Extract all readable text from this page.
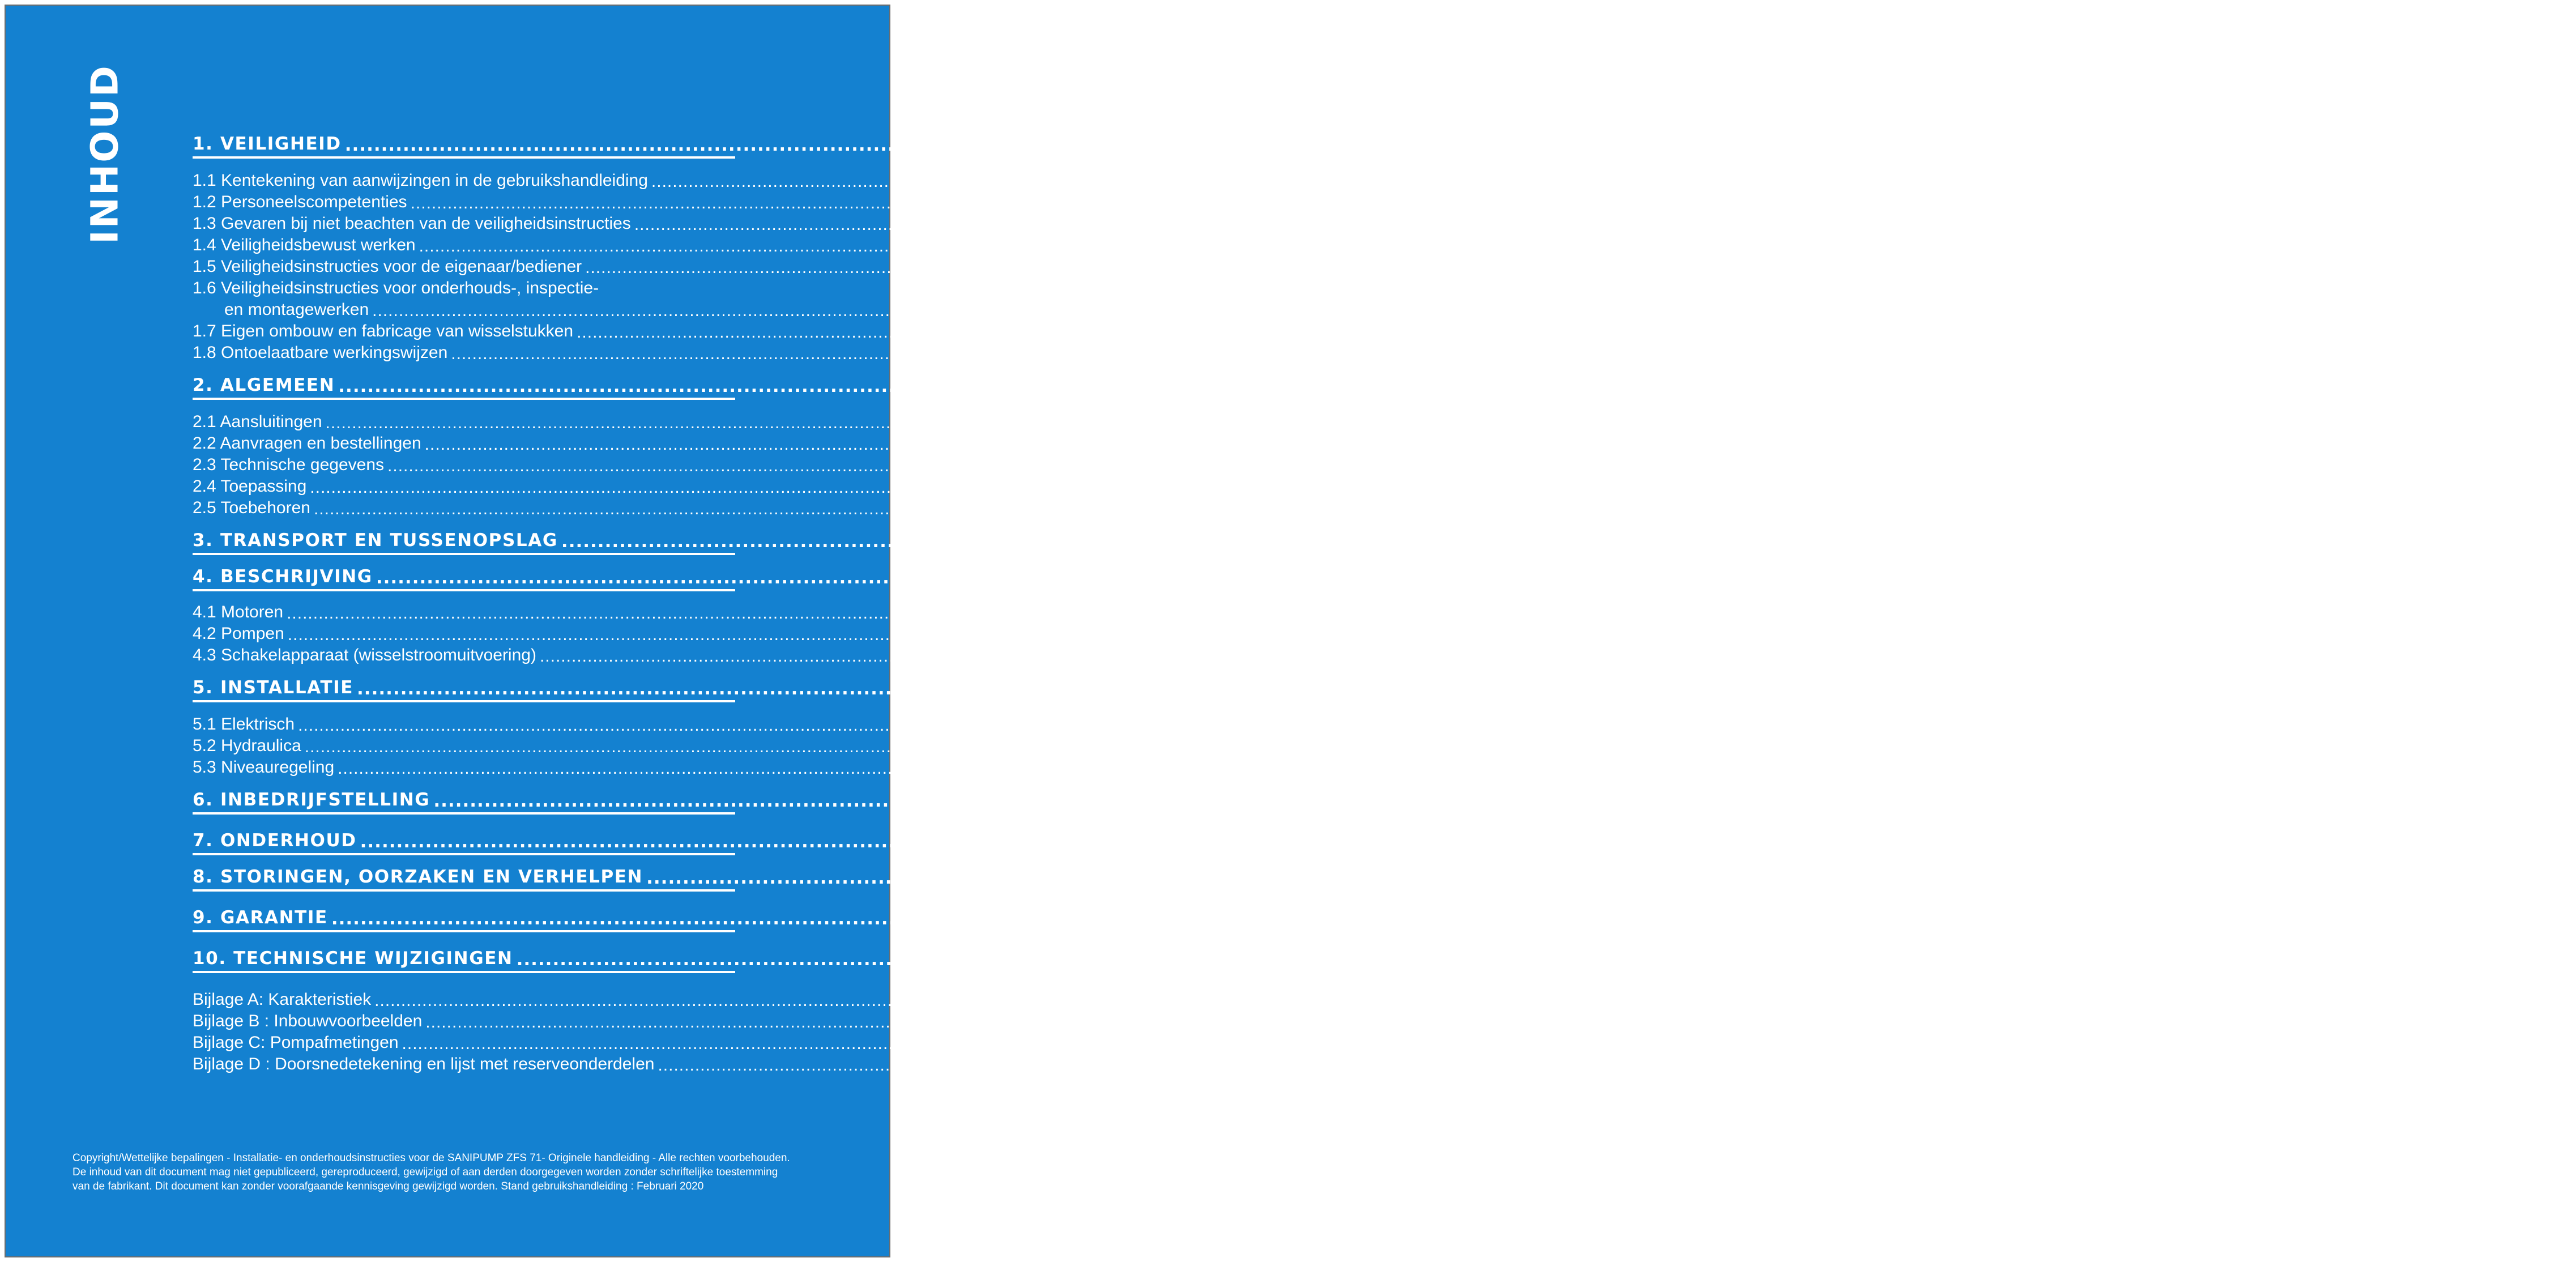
INHOUD	1. VEILIGHEID .................................................................................................................................................................................................................................................................... p 63
1.1 Kentekening van aanwijzingen in de gebruikshandleiding .................................................................................................................................................................................................................................................................... p 63
1.2 Personeelscompetenties .................................................................................................................................................................................................................................................................... p 64
1.3 Gevaren bij niet beachten van de veiligheidsinstructies .................................................................................................................................................................................................................................................................... p 64
1.4 Veiligheidsbewust werken .................................................................................................................................................................................................................................................................... p 64
1.5 Veiligheidsinstructies voor de eigenaar/bediener .................................................................................................................................................................................................................................................................... p 64
1.6 Veiligheidsinstructies voor onderhouds-, inspectie-
en montagewerken .................................................................................................................................................................................................................................................................... p 64
1.7 Eigen ombouw en fabricage van wisselstukken .................................................................................................................................................................................................................................................................... p 65
1.8 Ontoelaatbare werkingswijzen .................................................................................................................................................................................................................................................................... p 65
2. ALGEMEEN .................................................................................................................................................................................................................................................................... p 65
2.1 Aansluitingen .................................................................................................................................................................................................................................................................... p 65
2.2 Aanvragen en bestellingen .................................................................................................................................................................................................................................................................... p 66
2.3 Technische gegevens .................................................................................................................................................................................................................................................................... p 66
2.4 Toepassing .................................................................................................................................................................................................................................................................... p 66
2.5 Toebehoren .................................................................................................................................................................................................................................................................... p 67
3. TRANSPORT EN TUSSENOPSLAG .................................................................................................................................................................................................................................................................... p 67
4. BESCHRIJVING .................................................................................................................................................................................................................................................................... p 67
4.1 Motoren .................................................................................................................................................................................................................................................................... p 67
4.2 Pompen .................................................................................................................................................................................................................................................................... p 67
4.3 Schakelapparaat (wisselstroomuitvoering) .................................................................................................................................................................................................................................................................... p 67
5. INSTALLATIE .................................................................................................................................................................................................................................................................... p 68
5.1 Elektrisch .................................................................................................................................................................................................................................................................... p 68
5.2 Hydraulica .................................................................................................................................................................................................................................................................... p 70
5.3 Niveauregeling .................................................................................................................................................................................................................................................................... p 71
6. INBEDRIJFSTELLING .................................................................................................................................................................................................................................................................... p 71
7. ONDERHOUD .................................................................................................................................................................................................................................................................... p 71
8. STORINGEN, OORZAKEN EN VERHELPEN .................................................................................................................................................................................................................................................................... p 71
9. GARANTIE .................................................................................................................................................................................................................................................................... p 72
10. TECHNISCHE WIJZIGINGEN .................................................................................................................................................................................................................................................................... p 72
Bijlage A: Karakteristiek .................................................................................................................................................................................................................................................................... p 73
Bijlage B : Inbouwvoorbeelden .................................................................................................................................................................................................................................................................... p 73
Bijlage C: Pompafmetingen .................................................................................................................................................................................................................................................................... p 74
Bijlage D : Doorsnedetekening en lijst met reserveonderdelen .................................................................................................................................................................................................................................................................... p 75
Copyright/Wettelijke bepalingen - Installatie- en onderhoudsinstructies voor de SANIPUMP ZFS 71- Originele handleiding - Alle rechten voorbehouden.
De inhoud van dit document mag niet gepubliceerd, gereproduceerd, gewijzigd of aan derden doorgegeven worden zonder schriftelijke toestemming
van de fabrikant. Dit document kan zonder voorafgaande kennisgeving gewijzigd worden. Stand gebruikshandleiding : Februari 2020
